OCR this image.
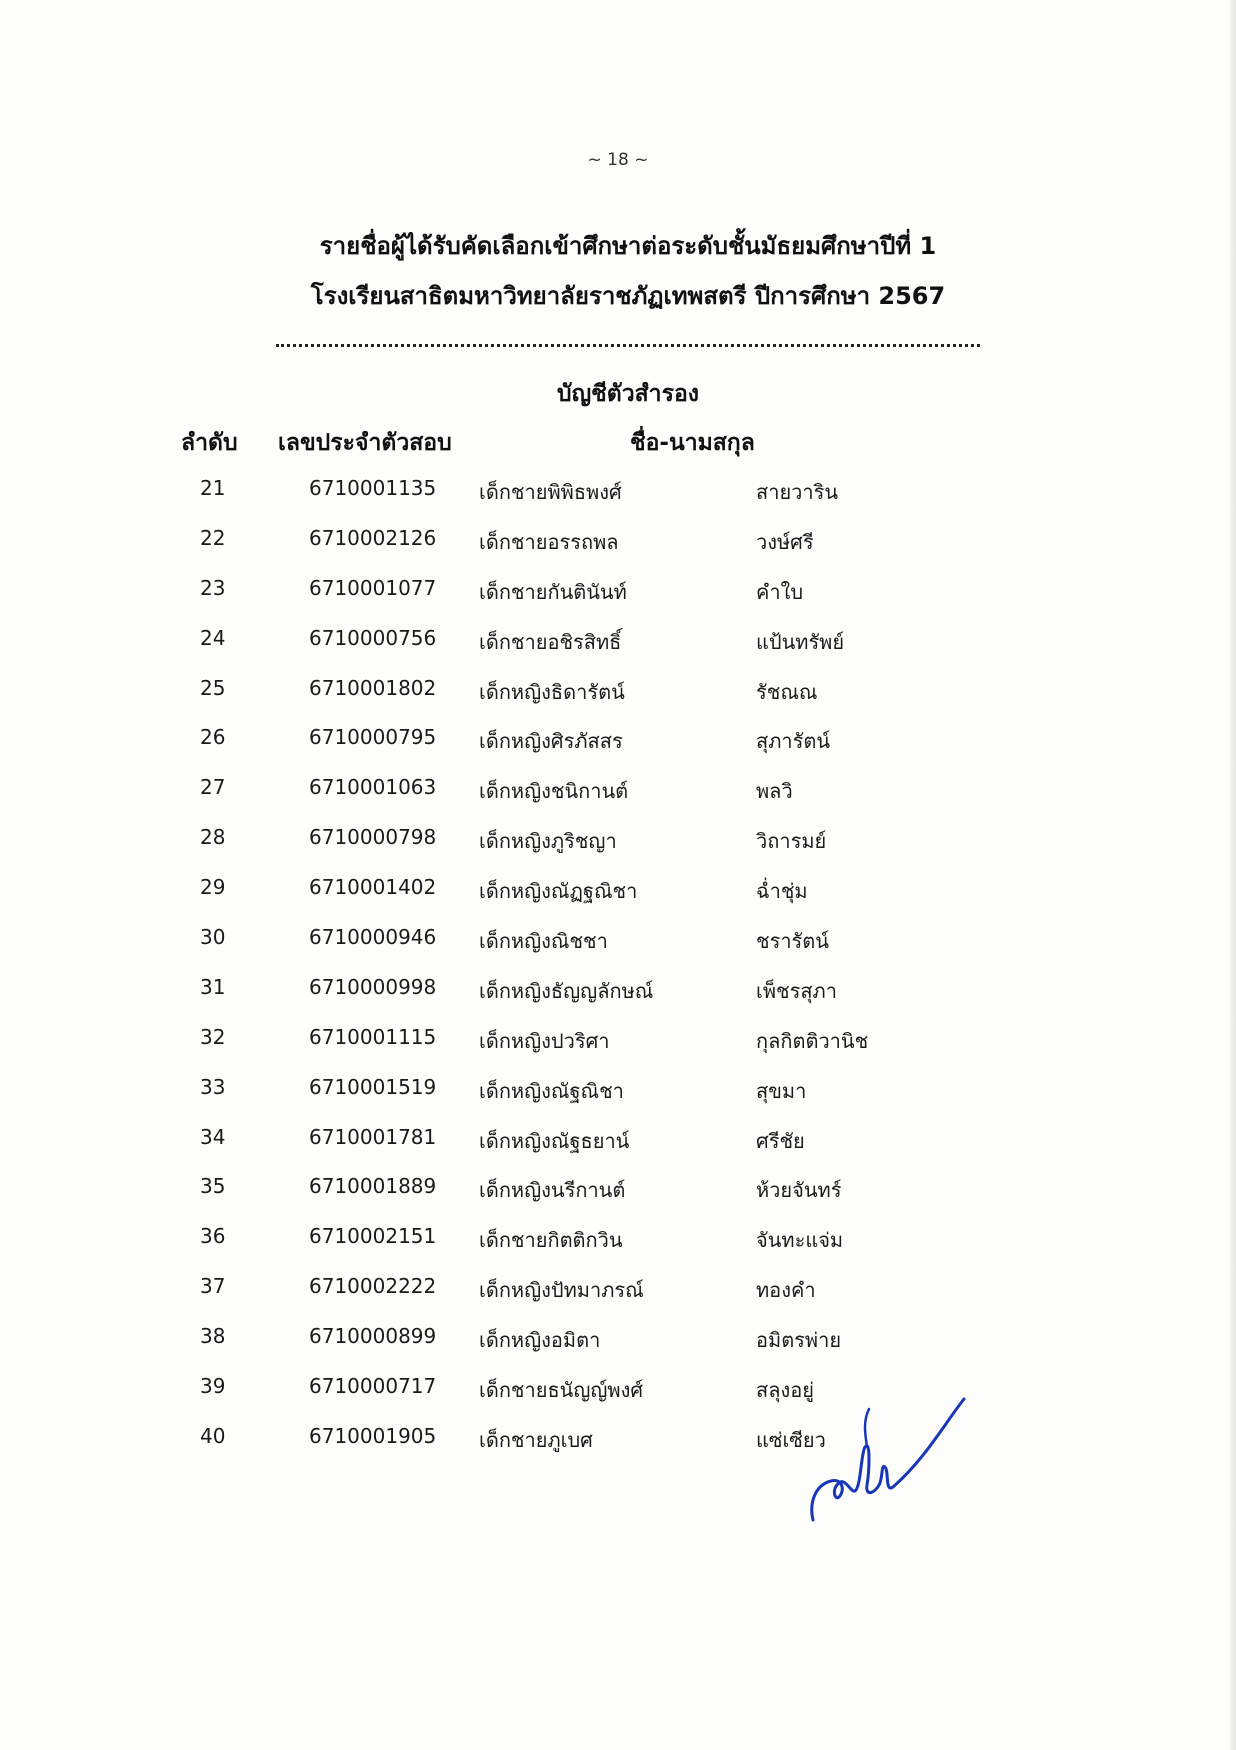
~ 18 ~
รายชื่อผู้ได้รับคัดเลือกเข้าศึกษาต่อระดับชั้นมัธยมศึกษาปีที่ 1
โรงเรียนสาธิตมหาวิทยาลัยราชภัฏเทพสตรี ปีการศึกษา 2567
บัญชีตัวสำรอง
ลำดับ เลขประจำตัวสอบ	ชื่อ-นามสกุล
21	6710001135 เด็กชายพิพิธพงศ์	สายวาริน
22	6710002126 เด็กชายอรรถพล	วงษ์ศรี
23	6710001077 เด็กชายกันตินันท์	คำใบ
24	6710000756 เด็กชายอชิรสิทธิ์	แป้นทรัพย์
25	6710001802 เด็กหญิงธิดารัตน์	รัชณณ
26	6710000795 เด็กหญิงศิรภัสสร	สุภารัตน์
27	6710001063 เด็กหญิงชนิกานต์	พลวิ
28	6710000798 เด็กหญิงภูริชญา	วิถารมย์
29	6710001402 เด็กหญิงณัฏฐณิชา	ฉ่ำชุ่ม
30	6710000946 เด็กหญิงณิชชา	ชรารัตน์
31	6710000998 เด็กหญิงธัญญลักษณ์	เพ็ชรสุภา
32	6710001115 เด็กหญิงปวริศา	กุลกิตติวานิช
33	6710001519 เด็กหญิงณัฐณิชา	สุขมา
34	6710001781 เด็กหญิงณัฐธยาน์	ศรีชัย
35	6710001889 เด็กหญิงนรีกานต์	ห้วยจันทร์
36	6710002151 เด็กชายกิตติกวิน	จันทะแจ่ม
37	6710002222 เด็กหญิงปัทมาภรณ์	ทองคำ
38	6710000899 เด็กหญิงอมิตา	อมิตรพ่าย
39	6710000717 เด็กชายธนัญญ์พงศ์	สลุงอยู่
40	6710001905 เด็กชายภูเบศ	แซ่เซียว
